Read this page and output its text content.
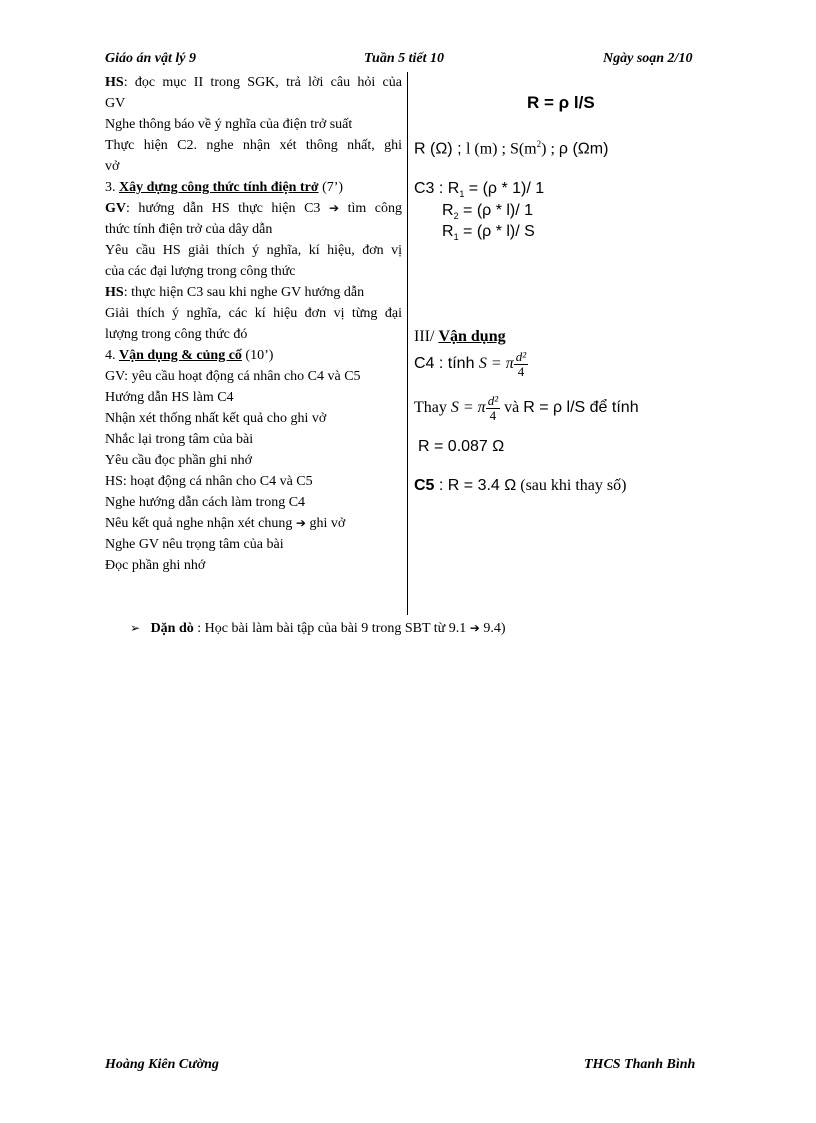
Giáo án vật lý 9	Tuần 5 tiết 10	Ngày soạn 2/10
HS: đọc mục II trong SGK, trả lời câu hỏi của
GV
Nghe thông báo về ý nghĩa của điện trở suất
Thực hiện C2. nghe nhận xét thông nhất, ghi
vở
3. Xây dựng công thức tính điện trở (7’)
GV: hướng dẫn HS thực hiện C3 ➔ tìm công
thức tính điện trở của dây dẫn
Yêu cầu HS giải thích ý nghĩa, kí hiệu, đơn vị
của các đại lượng trong công thức
HS: thực hiện C3 sau khi nghe GV hướng dẫn
Giải thích ý nghĩa, các kí hiệu đơn vị từng đại
lượng trong công thức đó
4. Vận dụng & củng cố (10’)
GV: yêu cầu hoạt động cá nhân cho C4 và C5
Hướng dẫn HS làm C4
Nhận xét thống nhất kết quả cho ghi vở
Nhắc lại trong tâm của bài
Yêu cầu đọc phần ghi nhớ
HS: hoạt động cá nhân cho C4 và C5
Nghe hướng dẫn cách làm trong C4
Nêu kết quả nghe nhận xét chung ➔ ghi vở
Nghe GV nêu trọng tâm của bài
Đọc phần ghi nhớ
R = ρ l/S
R (Ω) ; l (m) ; $S(m^2)$ ; ρ (Ωm)
C3 : $R_1 = (\rho * 1)/$ 1
$R_2 = (\rho * l)/$ 1
$R_1 = (\rho * l)/$ S
III/ Vận dụng
C4 : tính S = π $\frac{\text{d²}}{4}$
Thay S = π $\frac{\text{d²}}{4}$ và R = ρ l/S để tính
R = 0.087 Ω
C5 : R = 3.4 Ω (sau khi thay số)
➢ Dặn dò : Học bài làm bài tập của bài 9 trong SBT từ 9.1 ➔ 9.4)
Hoàng Kiên Cường	THCS Thanh Bình
